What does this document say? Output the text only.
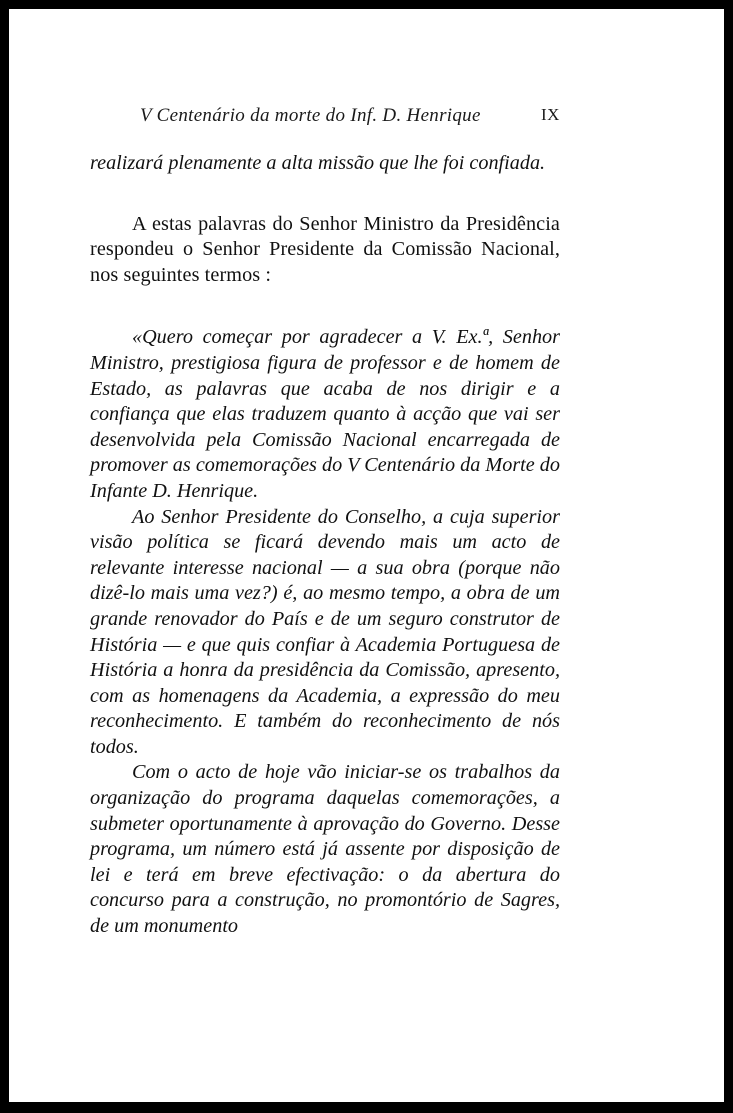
V Centenário da morte do Inf. D. Henrique	IX

realizará plenamente a alta missão que lhe foi confiada.

A estas palavras do Senhor Ministro da Presidência respondeu o Senhor Presidente da Comissão Nacional, nos seguintes termos :

«Quero começar por agradecer a V. Ex.ª, Senhor Ministro, prestigiosa figura de professor e de homem de Estado, as palavras que acaba de nos dirigir e a confiança que elas traduzem quanto à acção que vai ser desenvolvida pela Comissão Nacional encarregada de promover as comemorações do V Centenário da Morte do Infante D. Henrique.

Ao Senhor Presidente do Conselho, a cuja superior visão política se ficará devendo mais um acto de relevante interesse nacional — a sua obra (porque não dizê-lo mais uma vez?) é, ao mesmo tempo, a obra de um grande renovador do País e de um seguro construtor de História — e que quis confiar à Academia Portuguesa de História a honra da presidência da Comissão, apresento, com as homenagens da Academia, a expressão do meu reconhecimento. E também do reconhecimento de nós todos.

Com o acto de hoje vão iniciar-se os trabalhos da organização do programa daquelas comemorações, a submeter oportunamente à aprovação do Governo. Desse programa, um número está já assente por disposição de lei e terá em breve efectivação: o da abertura do concurso para a construção, no promontório de Sagres, de um monumento
